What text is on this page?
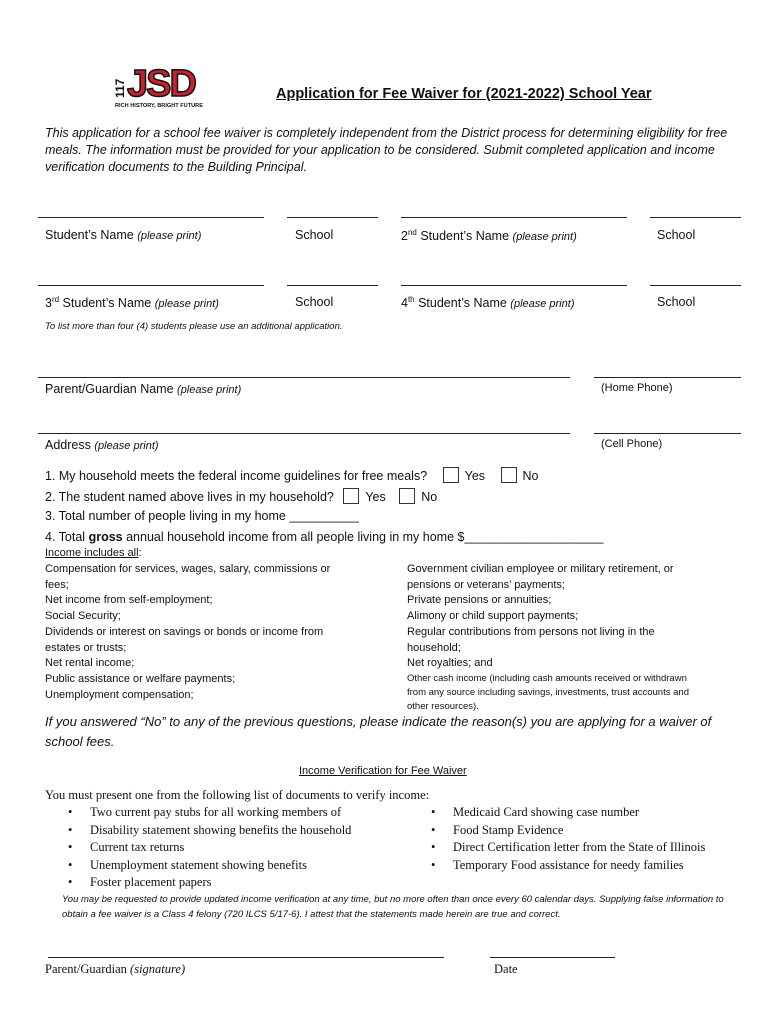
117 JSD
RICH HISTORY, BRIGHT FUTURE
Application for Fee Waiver for (2021-2022) School Year
This application for a school fee waiver is completely independent from the District process for determining eligibility for free meals. The information must be provided for your application to be considered. Submit completed application and income verification documents to the Building Principal.
Student’s Name (please print)	School	2nd Student’s Name (please print)	School
3rd Student’s Name (please print)	School	4th Student’s Name (please print)	School
To list more than four (4) students please use an additional application.
Parent/Guardian Name (please print)	(Home Phone)
Address (please print)	(Cell Phone)
1. My household meets the federal income guidelines for free meals?	Yes	No
2. The student named above lives in my household?	Yes	No
3. Total number of people living in my home __________
4. Total gross annual household income from all people living in my home $____________________
Income includes all:
Compensation for services, wages, salary, commissions or
fees;
Net income from self-employment;
Social Security;
Dividends or interest on savings or bonds or income from
estates or trusts;
Net rental income;
Public assistance or welfare payments;
Unemployment compensation;
Government civilian employee or military retirement, or
pensions or veterans’ payments;
Private pensions or annuities;
Alimony or child support payments;
Regular contributions from persons not living in the
household;
Net royalties; and
Other cash income (including cash amounts received or withdrawn
from any source including savings, investments, trust accounts and
other resources).
If you answered “No” to any of the previous questions, please indicate the reason(s) you are applying for a waiver of school fees.
Income Verification for Fee Waiver
You must present one from the following list of documents to verify income:
• Two current pay stubs for all working members of
• Disability statement showing benefits the household
• Current tax returns
• Unemployment statement showing benefits
• Foster placement papers
• Medicaid Card showing case number
• Food Stamp Evidence
• Direct Certification letter from the State of Illinois
• Temporary Food assistance for needy families
You may be requested to provide updated income verification at any time, but no more often than once every 60 calendar days. Supplying false information to obtain a fee waiver is a Class 4 felony (720 ILCS 5/17-6). I attest that the statements made herein are true and correct.
Parent/Guardian (signature)	Date
